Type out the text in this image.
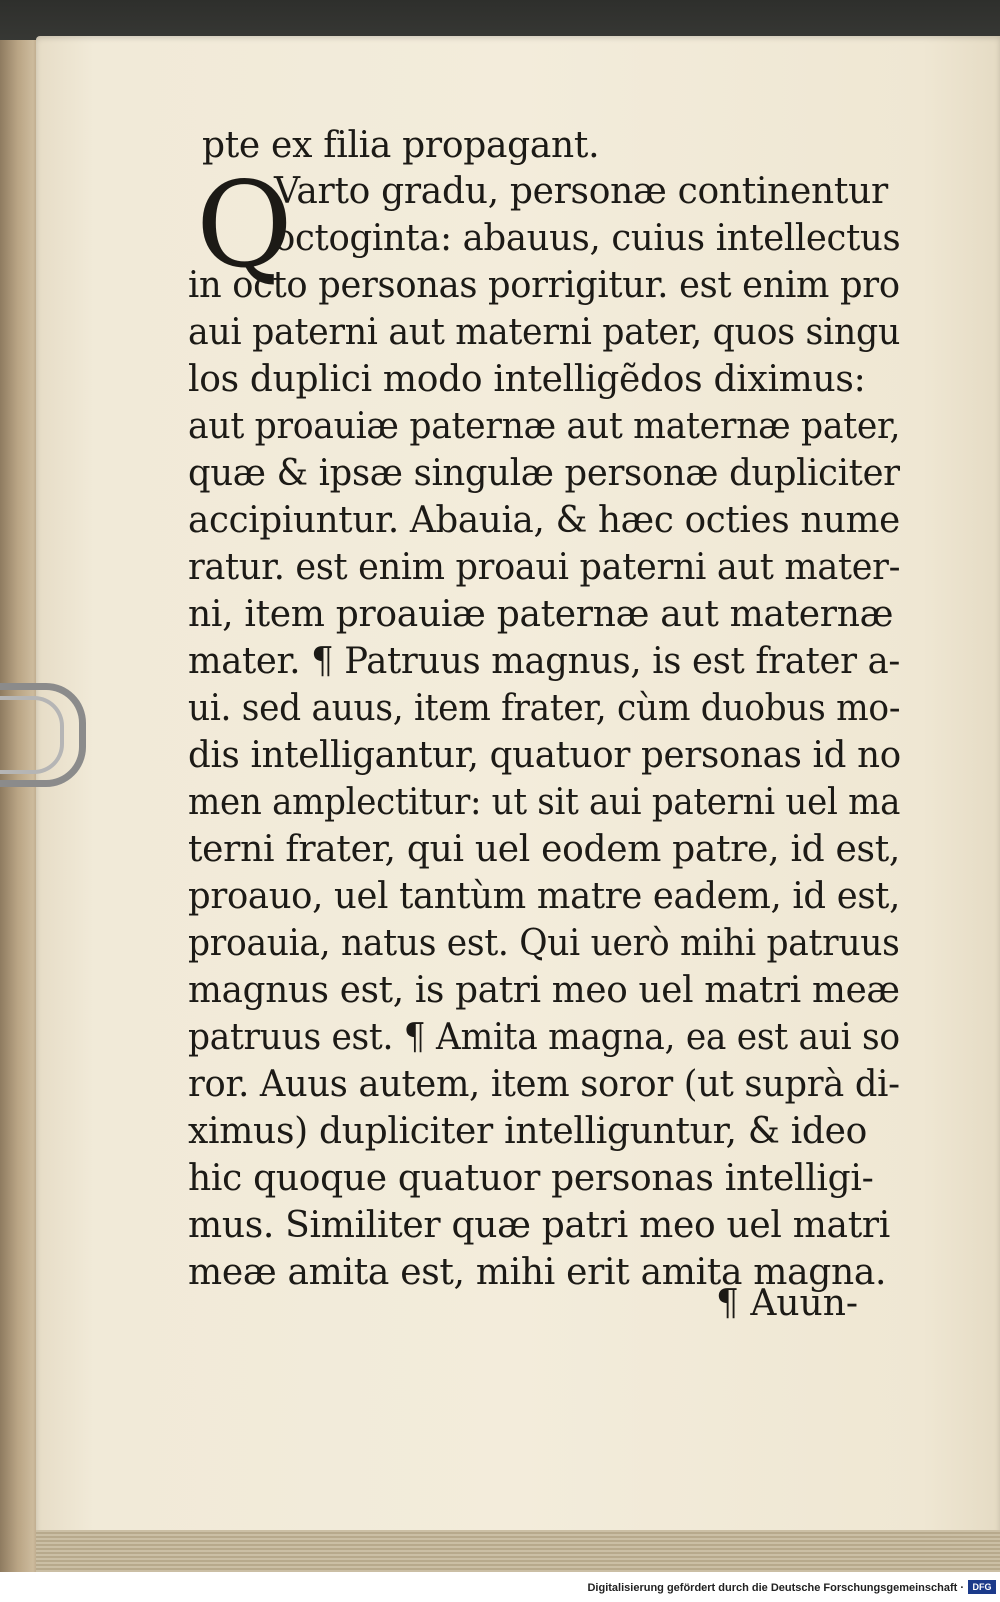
Q
pte ex filia propagant.
Varto gradu, personæ continentur
octoginta: abauus, cuius intellectus
in octo personas porrigitur. est enim pro
aui paterni aut materni pater, quos singu
los duplici modo intelligẽdos diximus:
aut proauiæ paternæ aut maternæ pater,
quæ & ipsæ singulæ personæ dupliciter
accipiuntur. Abauia, & hæc octies nume
ratur. est enim proaui paterni aut mater-
ni, item proauiæ paternæ aut maternæ
mater. ¶ Patruus magnus, is est frater a-
ui. sed auus, item frater, cùm duobus mo-
dis intelligantur, quatuor personas id no
men amplectitur: ut sit aui paterni uel ma
terni frater, qui uel eodem patre, id est,
proauo, uel tantùm matre eadem, id est,
proauia, natus est. Qui uerò mihi patruus
magnus est, is patri meo uel matri meæ
patruus est. ¶ Amita magna, ea est aui so
ror. Auus autem, item soror (ut suprà di-
ximus) dupliciter intelliguntur, & ideo
hic quoque quatuor personas intelligi-
mus. Similiter quæ patri meo uel matri
meæ amita est, mihi erit amita magna.
¶ Auun-
Digitalisierung gefördert durch die Deutsche Forschungsgemeinschaft · DFG
